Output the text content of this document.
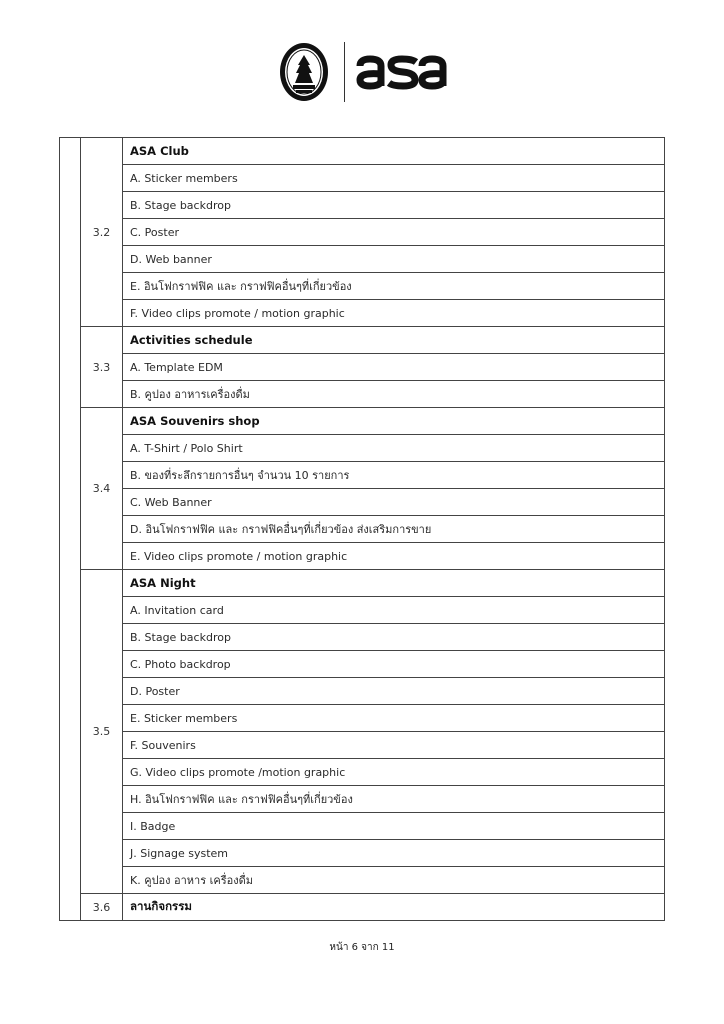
	3.2	ASA Club
		A. Sticker members
		B. Stage backdrop
		C. Poster
		D. Web banner
		E. อินโฟกราฟฟิค และ กราฟฟิคอื่นๆที่เกี่ยวข้อง
		F. Video clips promote / motion graphic
	3.3	Activities schedule
		A. Template EDM
		B. คูปอง อาหารเครื่องดื่ม
	3.4	ASA Souvenirs shop
		A. T-Shirt / Polo Shirt
		B. ของที่ระลึกรายการอื่นๆ จำนวน 10 รายการ
		C. Web Banner
		D. อินโฟกราฟฟิค และ กราฟฟิคอื่นๆที่เกี่ยวข้อง ส่งเสริมการขาย
		E. Video clips promote / motion graphic
	3.5	ASA Night
		A. Invitation card
		B. Stage backdrop
		C. Photo backdrop
		D. Poster
		E. Sticker members
		F. Souvenirs
		G. Video clips promote /motion graphic
		H. อินโฟกราฟฟิค และ กราฟฟิคอื่นๆที่เกี่ยวข้อง
		I. Badge
		J. Signage system
		K. คูปอง อาหาร เครื่องดื่ม
	3.6	ลานกิจกรรม
หน้า 6 จาก 11
